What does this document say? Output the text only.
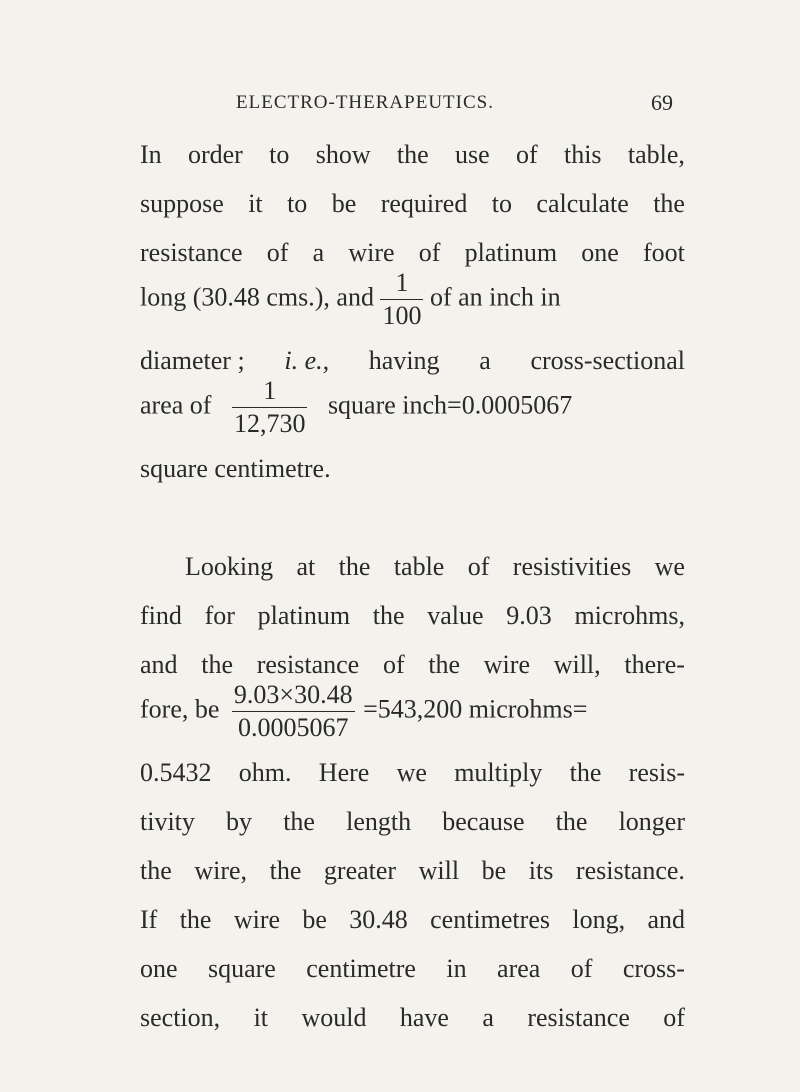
ELECTRO-THERAPEUTICS.	69
In order to show the use of this table,
suppose it to be required to calculate the
resistance of a wire of platinum one foot
long (30.48 cms.), and $\frac{1}{100}$ of an inch in
diameter ; i. e., having a cross-sectional
area of $\frac{1}{12,730}$ square inch=0.0005067
square centimetre.
Looking at the table of resistivities we
find for platinum the value 9.03 microhms,
and the resistance of the wire will, there-
fore, be $\frac{9.03\times 30.48}{0.0005067} =543,200$ microhms=
0.5432 ohm. Here we multiply the resis-
tivity by the length because the longer
the wire, the greater will be its resistance.
If the wire be 30.48 centimetres long, and
one square centimetre in area of cross-
section, it would have a resistance of
